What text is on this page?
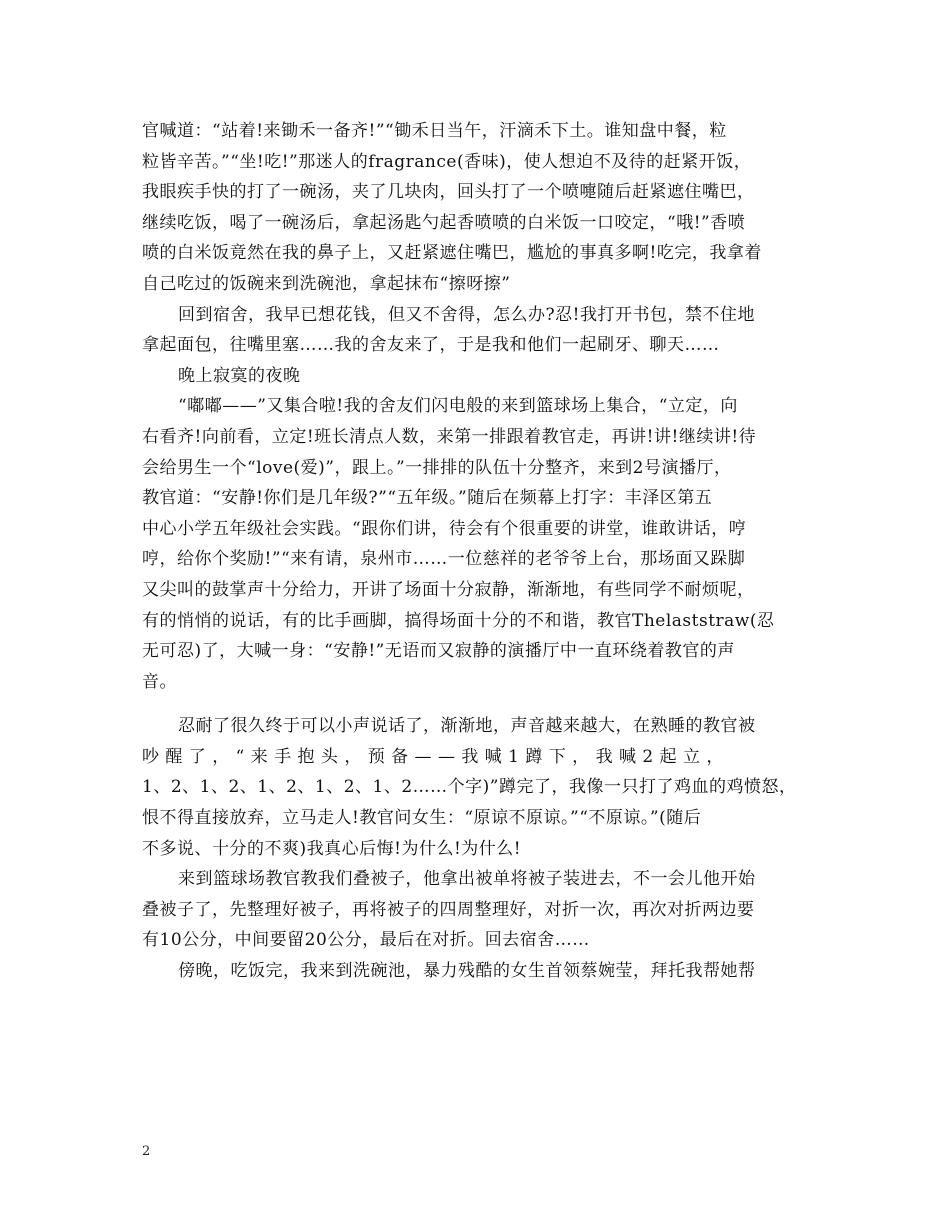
官喊道：“站着!来锄禾一备齐!”“锄禾日当午，汗滴禾下土。谁知盘中餐，粒
粒皆辛苦。”“坐!吃!”那迷人的fragrance(香味)，使人想迫不及待的赶紧开饭，
我眼疾手快的打了一碗汤，夹了几块肉，回头打了一个喷嚏随后赶紧遮住嘴巴，
继续吃饭，喝了一碗汤后，拿起汤匙勺起香喷喷的白米饭一口咬定，“哦!”香喷
喷的白米饭竟然在我的鼻子上，又赶紧遮住嘴巴，尴尬的事真多啊!吃完，我拿着
自己吃过的饭碗来到洗碗池，拿起抹布“擦呀擦”
回到宿舍，我早已想花钱，但又不舍得，怎么办?忍!我打开书包，禁不住地
拿起面包，往嘴里塞……我的舍友来了，于是我和他们一起刷牙、聊天……
晚上寂寞的夜晚
“嘟嘟——”又集合啦!我的舍友们闪电般的来到篮球场上集合，“立定，向
右看齐!向前看，立定!班长清点人数，来第一排跟着教官走，再讲!讲!继续讲!待
会给男生一个“love(爱)”，跟上。”一排排的队伍十分整齐，来到2号演播厅，
教官道：“安静!你们是几年级?”“五年级。”随后在频幕上打字：丰泽区第五
中心小学五年级社会实践。“跟你们讲，待会有个很重要的讲堂，谁敢讲话，哼
哼，给你个奖励!”“来有请，泉州市……一位慈祥的老爷爷上台，那场面又跺脚
又尖叫的鼓掌声十分给力，开讲了场面十分寂静，渐渐地，有些同学不耐烦呢，
有的悄悄的说话，有的比手画脚，搞得场面十分的不和谐，教官Thelaststraw(忍
无可忍)了，大喊一身：“安静!”无语而又寂静的演播厅中一直环绕着教官的声
音。
忍耐了很久终于可以小声说话了，渐渐地，声音越来越大，在熟睡的教官被
吵 醒 了 ， “ 来 手 抱 头 ， 预 备 — — 我 喊 1 蹲 下 ， 我 喊 2 起 立 ，
1、2、1、2、1、2、1、2、1、2……个字)”蹲完了，我像一只打了鸡血的鸡愤怒，
恨不得直接放弃，立马走人!教官问女生：“原谅不原谅。”“不原谅。”(随后
不多说、十分的不爽)我真心后悔!为什么!为什么!
来到篮球场教官教我们叠被子，他拿出被单将被子装进去，不一会儿他开始
叠被子了，先整理好被子，再将被子的四周整理好，对折一次，再次对折两边要
有10公分，中间要留20公分，最后在对折。回去宿舍……
傍晚，吃饭完，我来到洗碗池，暴力残酷的女生首领蔡婉莹，拜托我帮她帮
2
